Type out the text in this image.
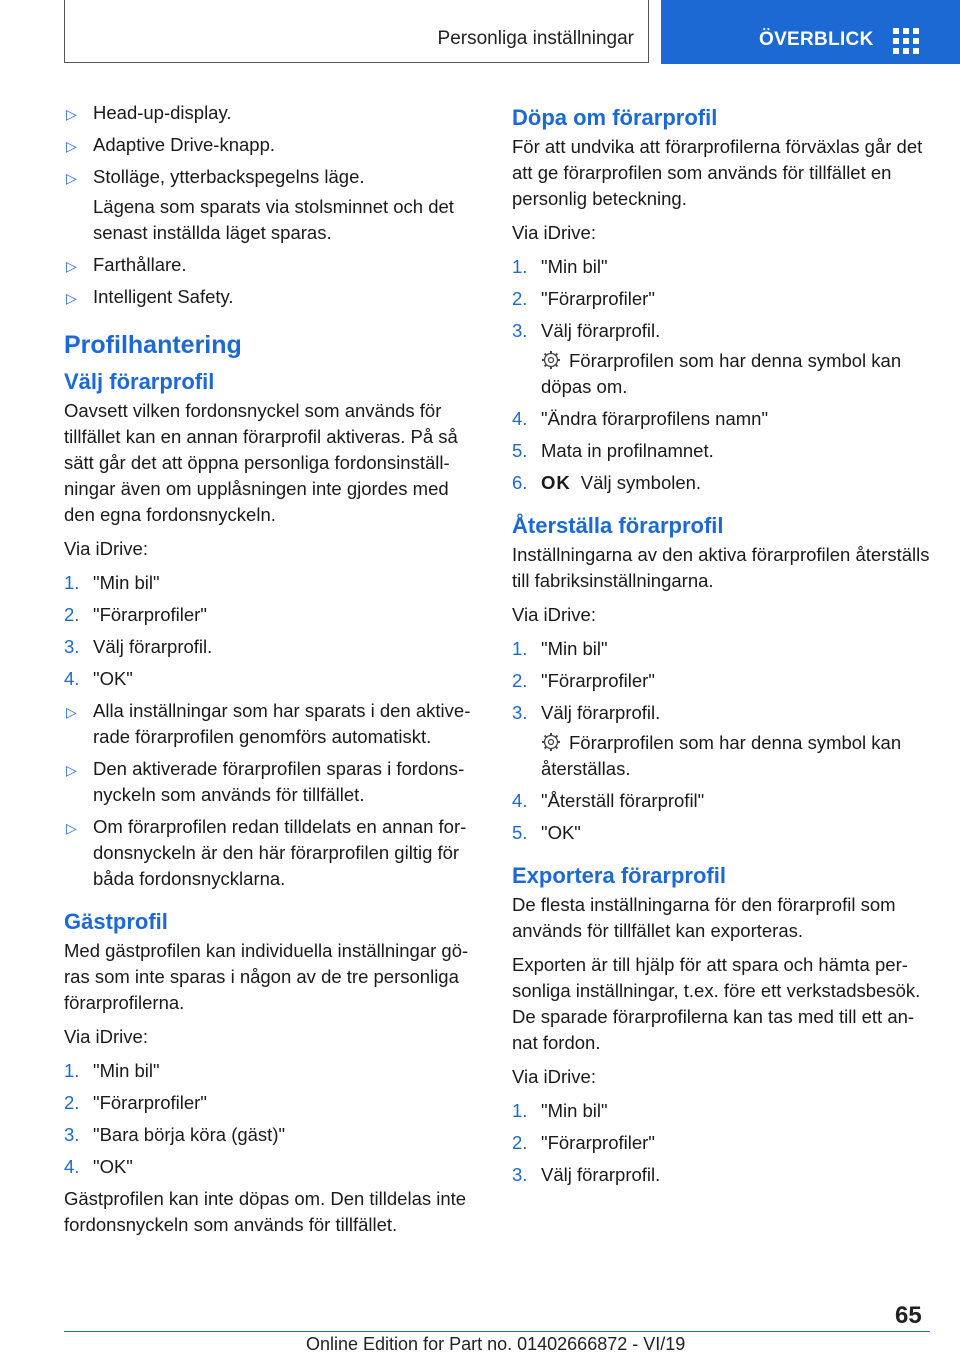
Personliga inställningar	ÖVERBLICK
▷ Head-up-display.
▷ Adaptive Drive-knapp.
▷ Stolläge, ytterbackspegelns läge.
Lägena som sparats via stolsminnet och det senast inställda läget sparas.
▷ Farthållare.
▷ Intelligent Safety.
Profilhantering
Välj förarprofil

Oavsett vilken fordonsnyckel som används för tillfället kan en annan förarprofil aktiveras. På så sätt går det att öppna personliga fordonsinställningar även om upplåsningen inte gjordes med den egna fordonsnyckeln.

Via iDrive:

1. "Min bil"
2. "Förarprofiler"
3. Välj förarprofil.
4. "OK"
▷ Alla inställningar som har sparats i den aktiverade förarprofilen genomförs automatiskt.
▷ Den aktiverade förarprofilen sparas i fordonsnyckeln som används för tillfället.
▷ Om förarprofilen redan tilldelats en annan fordonsnyckeln är den här förarprofilen giltig för båda fordonsnycklarna.
Gästprofil

Med gästprofilen kan individuella inställningar göras som inte sparas i någon av de tre personliga förarprofilerna.

Via iDrive:

1. "Min bil"
2. "Förarprofiler"
3. "Bara börja köra (gäst)"
4. "OK"

Gästprofilen kan inte döpas om. Den tilldelas inte fordonsnyckeln som används för tillfället.

Döpa om förarprofil

För att undvika att förarprofilerna förväxlas går det att ge förarprofilen som används för tillfället en personlig beteckning.

Via iDrive:

1. "Min bil"
2. "Förarprofiler"
3. Välj förarprofil.
Förarprofilen som har denna symbol kan döpas om.
4. "Ändra förarprofilens namn"
5. Mata in profilnamnet.
6. OK Välj symbolen.
Återställa förarprofil

Inställningarna av den aktiva förarprofilen återställs till fabriksinställningarna.

Via iDrive:

1. "Min bil"
2. "Förarprofiler"
3. Välj förarprofil.
Förarprofilen som har denna symbol kan återställas.
4. "Återställ förarprofil"
5. "OK"
Exportera förarprofil

De flesta inställningarna för den förarprofil som används för tillfället kan exporteras.

Exporten är till hjälp för att spara och hämta personliga inställningar, t.ex. före ett verkstadsbesök. De sparade förarprofilerna kan tas med till ett annat fordon.

Via iDrive:

1. "Min bil"
2. "Förarprofiler"
3. Välj förarprofil.
65
Online Edition for Part no. 01402666872 - VI/19
